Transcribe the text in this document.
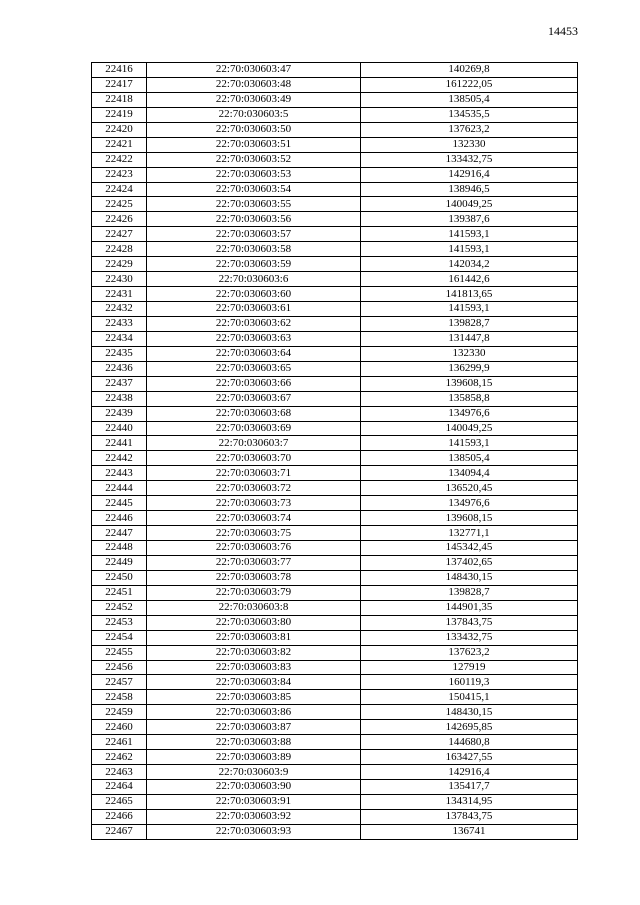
14453
22416	22:70:030603:47	140269,8
22417	22:70:030603:48	161222,05
22418	22:70:030603:49	138505,4
22419	22:70:030603:5	134535,5
22420	22:70:030603:50	137623,2
22421	22:70:030603:51	132330
22422	22:70:030603:52	133432,75
22423	22:70:030603:53	142916,4
22424	22:70:030603:54	138946,5
22425	22:70:030603:55	140049,25
22426	22:70:030603:56	139387,6
22427	22:70:030603:57	141593,1
22428	22:70:030603:58	141593,1
22429	22:70:030603:59	142034,2
22430	22:70:030603:6	161442,6
22431	22:70:030603:60	141813,65
22432	22:70:030603:61	141593,1
22433	22:70:030603:62	139828,7
22434	22:70:030603:63	131447,8
22435	22:70:030603:64	132330
22436	22:70:030603:65	136299,9
22437	22:70:030603:66	139608,15
22438	22:70:030603:67	135858,8
22439	22:70:030603:68	134976,6
22440	22:70:030603:69	140049,25
22441	22:70:030603:7	141593,1
22442	22:70:030603:70	138505,4
22443	22:70:030603:71	134094,4
22444	22:70:030603:72	136520,45
22445	22:70:030603:73	134976,6
22446	22:70:030603:74	139608,15
22447	22:70:030603:75	132771,1
22448	22:70:030603:76	145342,45
22449	22:70:030603:77	137402,65
22450	22:70:030603:78	148430,15
22451	22:70:030603:79	139828,7
22452	22:70:030603:8	144901,35
22453	22:70:030603:80	137843,75
22454	22:70:030603:81	133432,75
22455	22:70:030603:82	137623,2
22456	22:70:030603:83	127919
22457	22:70:030603:84	160119,3
22458	22:70:030603:85	150415,1
22459	22:70:030603:86	148430,15
22460	22:70:030603:87	142695,85
22461	22:70:030603:88	144680,8
22462	22:70:030603:89	163427,55
22463	22:70:030603:9	142916,4
22464	22:70:030603:90	135417,7
22465	22:70:030603:91	134314,95
22466	22:70:030603:92	137843,75
22467	22:70:030603:93	136741
